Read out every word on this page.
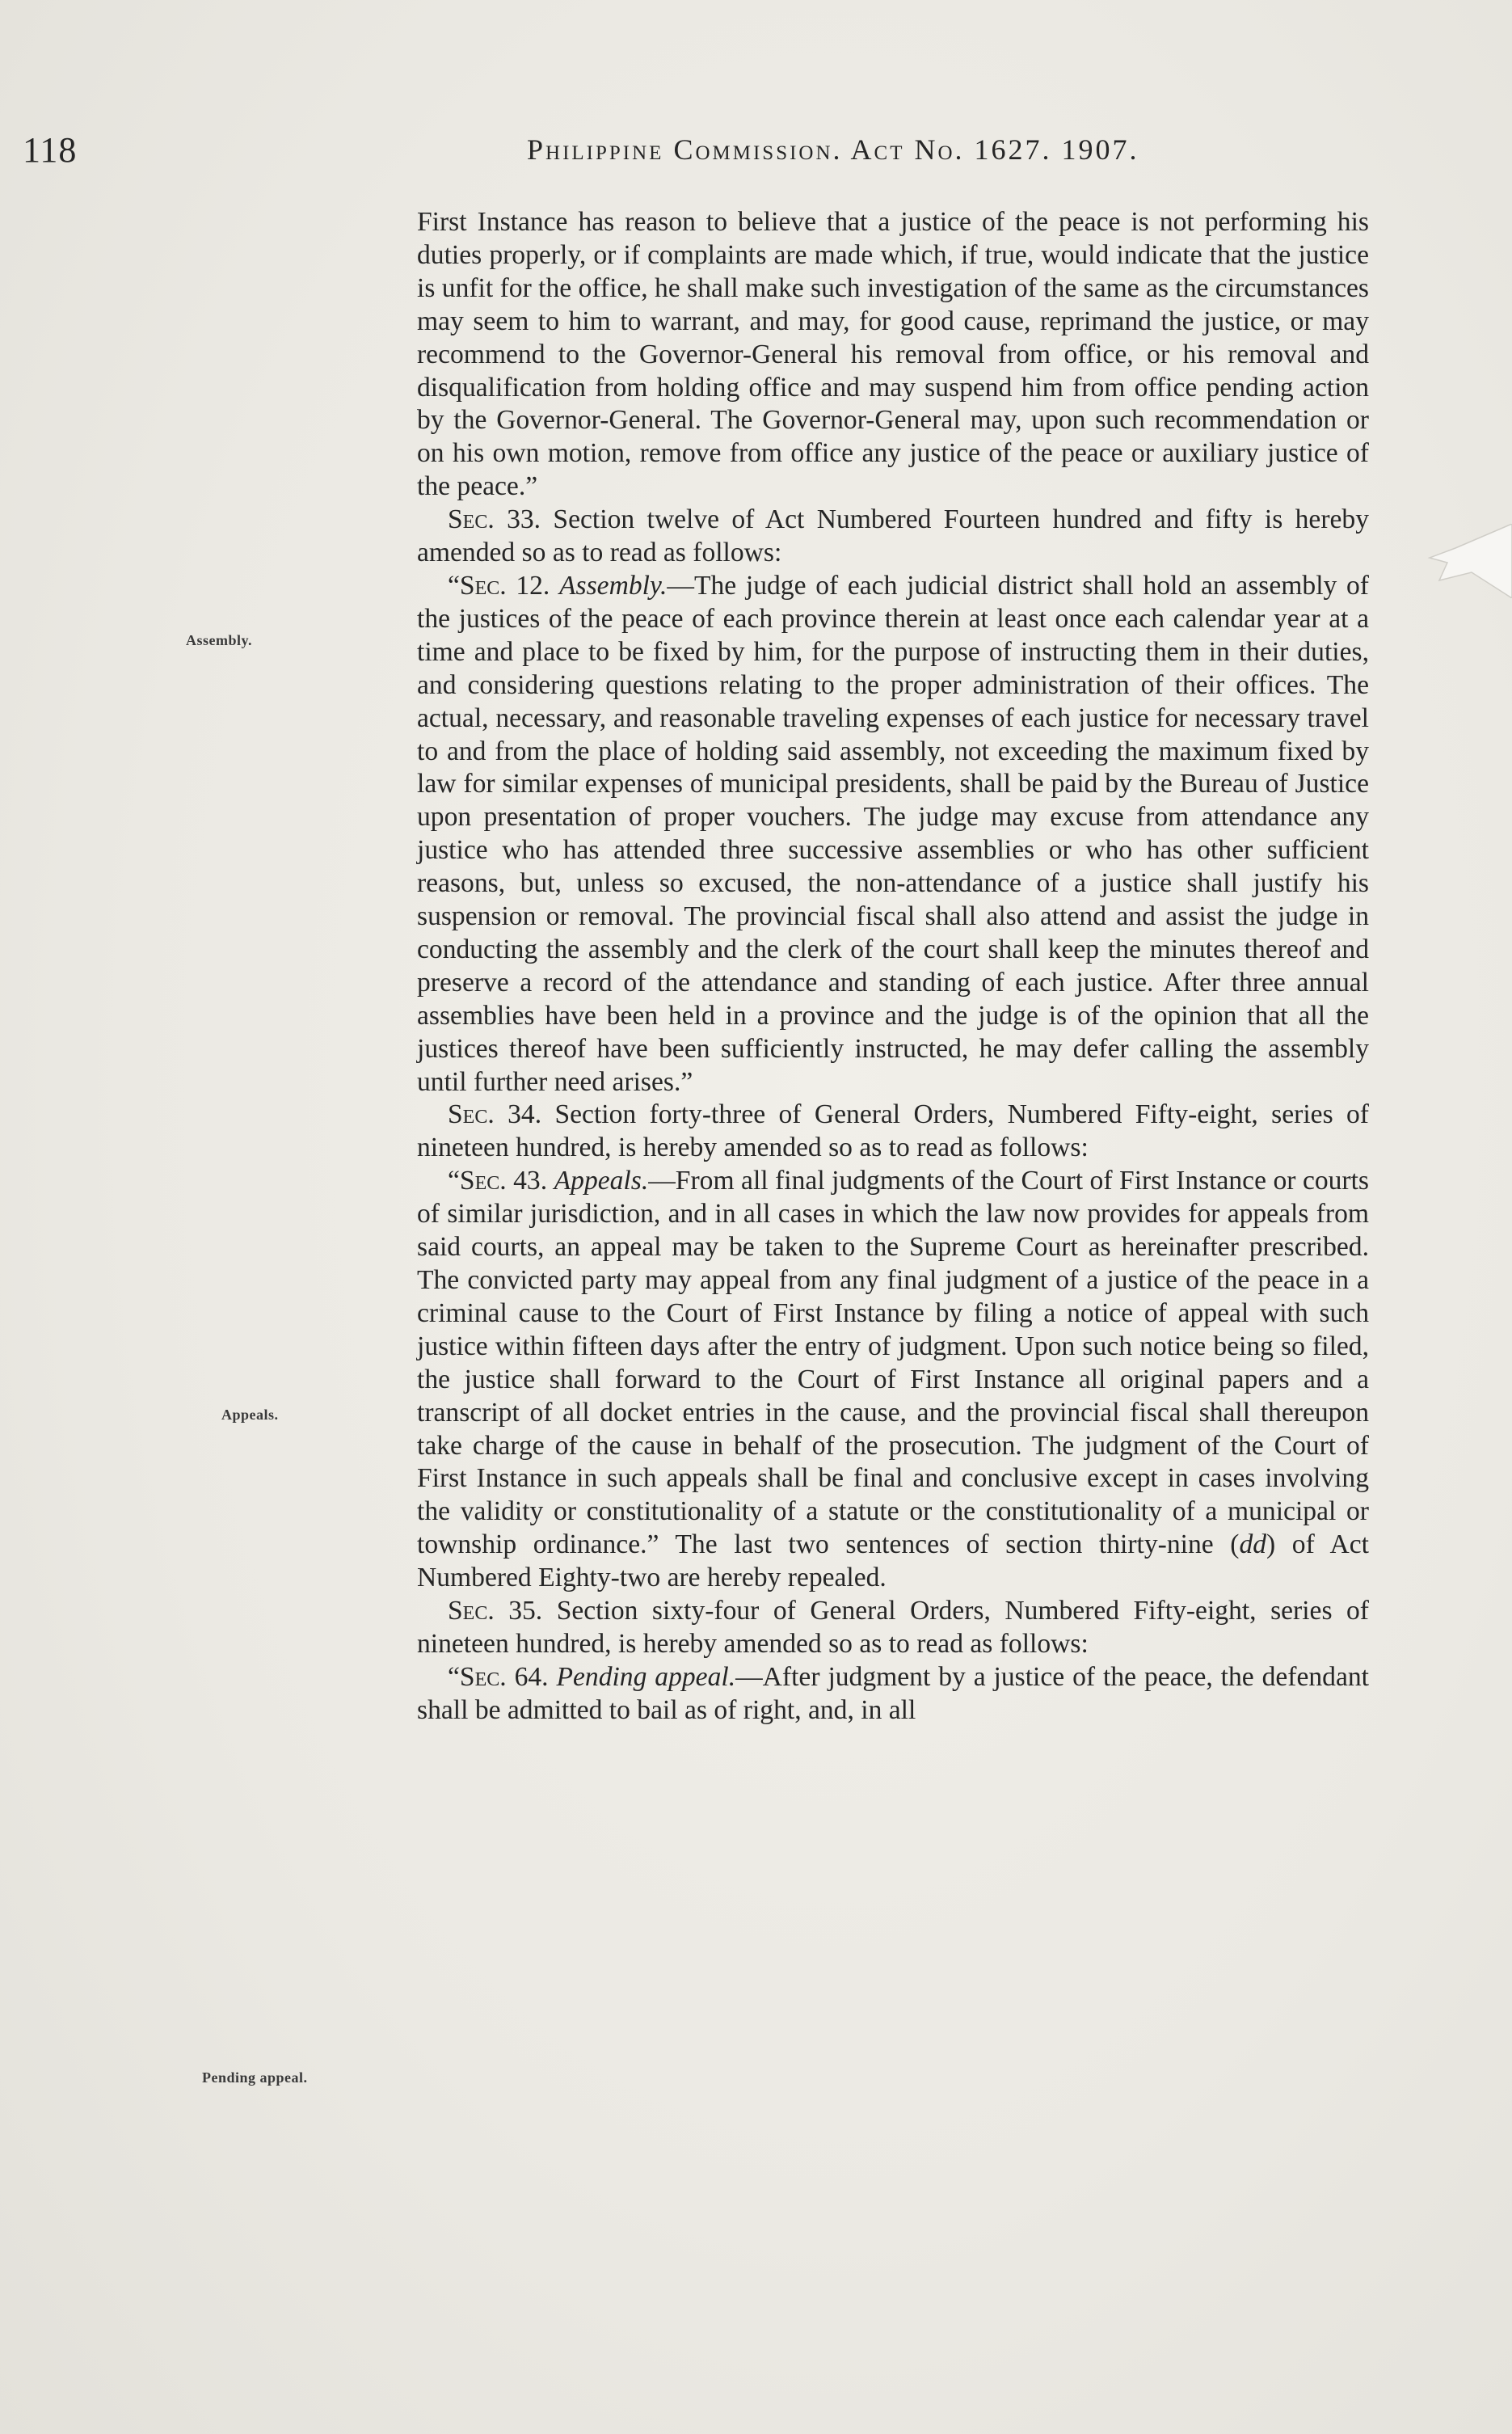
118	Philippine Commission. Act No. 1627. 1907.
Assembly.
Appeals.
Pending appeal.

First Instance has reason to believe that a justice of the peace is not performing his duties properly, or if complaints are made which, if true, would indicate that the justice is unfit for the office, he shall make such investigation of the same as the circumstances may seem to him to warrant, and may, for good cause, reprimand the justice, or may recommend to the Governor-General his removal from office, or his removal and disqualification from holding office and may suspend him from office pending action by the Governor-General. The Governor-General may, upon such recommendation or on his own motion, remove from office any justice of the peace or auxiliary justice of the peace.”

Sec. 33. Section twelve of Act Numbered Fourteen hundred and fifty is hereby amended so as to read as follows:

“Sec. 12. Assembly.—The judge of each judicial district shall hold an assembly of the justices of the peace of each province therein at least once each calendar year at a time and place to be fixed by him, for the purpose of instructing them in their duties, and considering questions relating to the proper administration of their offices. The actual, necessary, and reasonable traveling expenses of each justice for necessary travel to and from the place of holding said assembly, not exceeding the maximum fixed by law for similar expenses of municipal presidents, shall be paid by the Bureau of Justice upon presentation of proper vouchers. The judge may excuse from attendance any justice who has attended three successive assemblies or who has other sufficient reasons, but, unless so excused, the non-attendance of a justice shall justify his suspension or removal. The provincial fiscal shall also attend and assist the judge in conducting the assembly and the clerk of the court shall keep the minutes thereof and preserve a record of the attendance and standing of each justice. After three annual assemblies have been held in a province and the judge is of the opinion that all the justices thereof have been sufficiently instructed, he may defer calling the assembly until further need arises.”

Sec. 34. Section forty-three of General Orders, Numbered Fifty-eight, series of nineteen hundred, is hereby amended so as to read as follows:

“Sec. 43. Appeals.—From all final judgments of the Court of First Instance or courts of similar jurisdiction, and in all cases in which the law now provides for appeals from said courts, an appeal may be taken to the Supreme Court as hereinafter prescribed. The convicted party may appeal from any final judgment of a justice of the peace in a criminal cause to the Court of First Instance by filing a notice of appeal with such justice within fifteen days after the entry of judgment. Upon such notice being so filed, the justice shall forward to the Court of First Instance all original papers and a transcript of all docket entries in the cause, and the provincial fiscal shall thereupon take charge of the cause in behalf of the prosecution. The judgment of the Court of First Instance in such appeals shall be final and conclusive except in cases involving the validity or constitutionality of a statute or the constitutionality of a municipal or township ordinance.” The last two sentences of section thirty-nine (dd) of Act Numbered Eighty-two are hereby repealed.

Sec. 35. Section sixty-four of General Orders, Numbered Fifty-eight, series of nineteen hundred, is hereby amended so as to read as follows:

“Sec. 64. Pending appeal.—After judgment by a justice of the peace, the defendant shall be admitted to bail as of right, and, in all
